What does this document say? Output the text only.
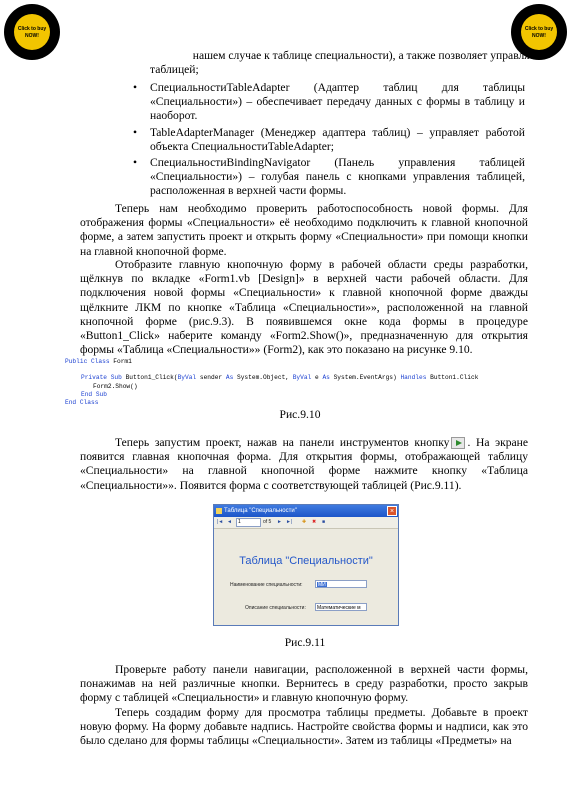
Click to buy
NOW!
Click to buy
NOW!
нашем случае к таблице специальности), а также позволяет управлять
таблицей;
• СпециальностиTableAdapter (Адаптер таблиц для таблицы «Специальности») – обеспечивает передачу данных с формы в таблицу и наоборот.
• TableAdapterManager (Менеджер адаптера таблиц) – управляет работой объекта СпециальностиTableAdapter;
• СпециальностиBindingNavigator (Панель управления таблицей «Специальности») – голубая панель с кнопками управления таблицей, расположенная в верхней части формы.
Теперь нам необходимо проверить работоспособность новой формы. Для отображения формы «Специальности» её необходимо подключить к главной кнопочной форме, а затем запустить проект и открыть форму «Специальности» при помощи кнопки на главной кнопочной форме.
Отобразите главную кнопочную форму в рабочей области среды разработки, щёлкнув по вкладке «Form1.vb [Design]» в верхней части рабочей области. Для подключения новой формы «Специальности» к главной кнопочной форме дважды щёлкните ЛКМ по кнопке «Таблица «Специальности»», расположенной на главной кнопочной форме (рис.9.3). В появившемся окне кода формы в процедуре «Button1_Click» наберите команду «Form2.Show()», предназначенную для открытия формы «Таблица «Специальности»» (Form2), как это показано на рисунке 9.10.
Public Class Form1

Private Sub Button1_Click(ByVal sender As System.Object, ByVal e As System.EventArgs) Handles Button1.Click
Form2.Show()
End Sub
End Class
Рис.9.10
Теперь запустим проект, нажав на панели инструментов кнопку . На экране появится главная кнопочная форма. Для открытия формы, отображающей таблицу «Специальности» на главной кнопочной форме нажмите кнопку «Таблица «Специальности»». Появится форма с соответствующей таблицей (Рис.9.11).
Таблица "Специальности"	×
|◄ ◄	1	of 5 ► ►| ✚ ✖ ■
Таблица "Специальности"
Наименование специальности:	МИ
Описание специальности:	Математические м
Рис.9.11
Проверьте работу панели навигации, расположенной в верхней части формы, понажимав на ней различные кнопки. Вернитесь в среду разработки, просто закрыв форму с таблицей «Специальности» и главную кнопочную форму.
Теперь создадим форму для просмотра таблицы предметы. Добавьте в проект новую форму. На форму добавьте надпись. Настройте свойства формы и надписи, как это было сделано для формы таблицы «Специальности». Затем из таблицы «Предметы» на
